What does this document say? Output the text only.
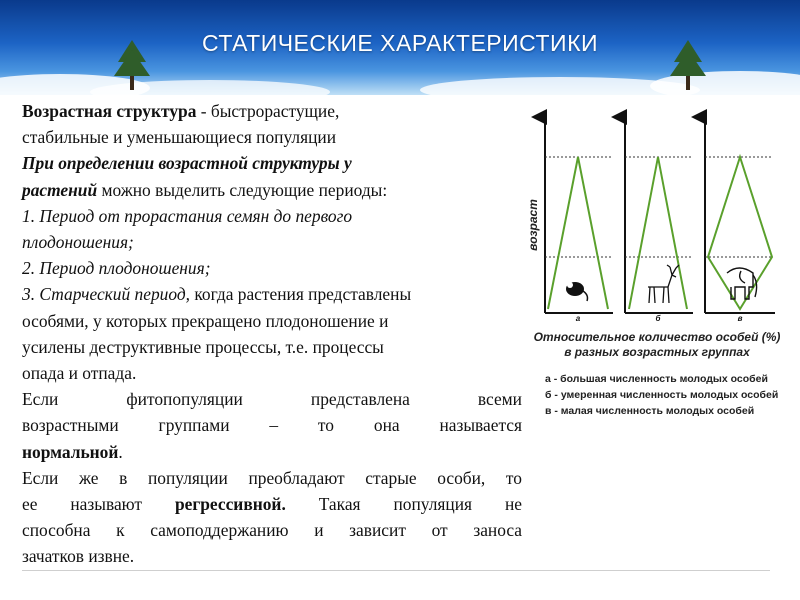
СТАТИЧЕСКИЕ ХАРАКТЕРИСТИКИ

Возрастная структура - быстрорастущие,

стабильные и уменьшающиеся популяции

При определении возрастной структуры у

растений можно выделить следующие периоды:

1. Период от прорастания семян до первого

плодоношения;

2. Период плодоношения;

3. Старческий период, когда растения представлены

особями, у которых прекращено плодоношение и

усилены деструктивные процессы, т.е. процессы

опада и отпада.

Если фитопопуляции представлена всеми

возрастными группами – то она называется

нормальной.

Если же в популяции преобладают старые особи, то

ее называют регрессивной. Такая популяция не

способна к самоподдержанию и зависит от заноса

зачатков извне.

возраст
а	б	в
Относительное количество особей (%)
в разных возрастных группах
а - большая численность молодых особей
б - умеренная численность молодых особей
в - малая численность молодых особей
